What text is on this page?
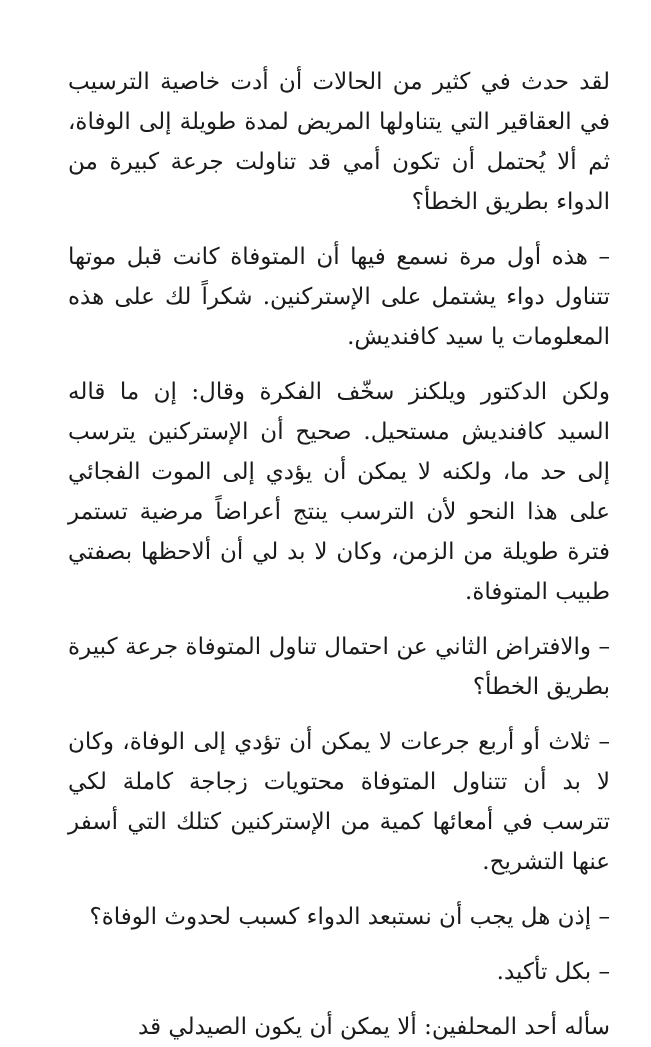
لقد حدث في كثير من الحالات أن أدت خاصية الترسيب في العقاقير التي يتناولها المريض لمدة طويلة إلى الوفاة، ثم ألا يُحتمل أن تكون أمي قد تناولت جرعة كبيرة من الدواء بطريق الخطأ؟

– هذه أول مرة نسمع فيها أن المتوفاة كانت قبل موتها تتناول دواء يشتمل على الإستركنين. شكراً لك على هذه المعلومات يا سيد كافنديش.

ولكن الدكتور ويلكنز سخّف الفكرة وقال: إن ما قاله السيد كافنديش مستحيل. صحيح أن الإستركنين يترسب إلى حد ما، ولكنه لا يمكن أن يؤدي إلى الموت الفجائي على هذا النحو لأن الترسب ينتج أعراضاً مرضية تستمر فترة طويلة من الزمن، وكان لا بد لي أن ألاحظها بصفتي طبيب المتوفاة.

– والافتراض الثاني عن احتمال تناول المتوفاة جرعة كبيرة بطريق الخطأ؟

– ثلاث أو أربع جرعات لا يمكن أن تؤدي إلى الوفاة، وكان لا بد أن تتناول المتوفاة محتويات زجاجة كاملة لكي تترسب في أمعائها كمية من الإستركنين كتلك التي أسفر عنها التشريح.

– إذن هل يجب أن نستبعد الدواء كسبب لحدوث الوفاة؟

– بكل تأكيد.

سأله أحد المحلفين: ألا يمكن أن يكون الصيدلي قد
